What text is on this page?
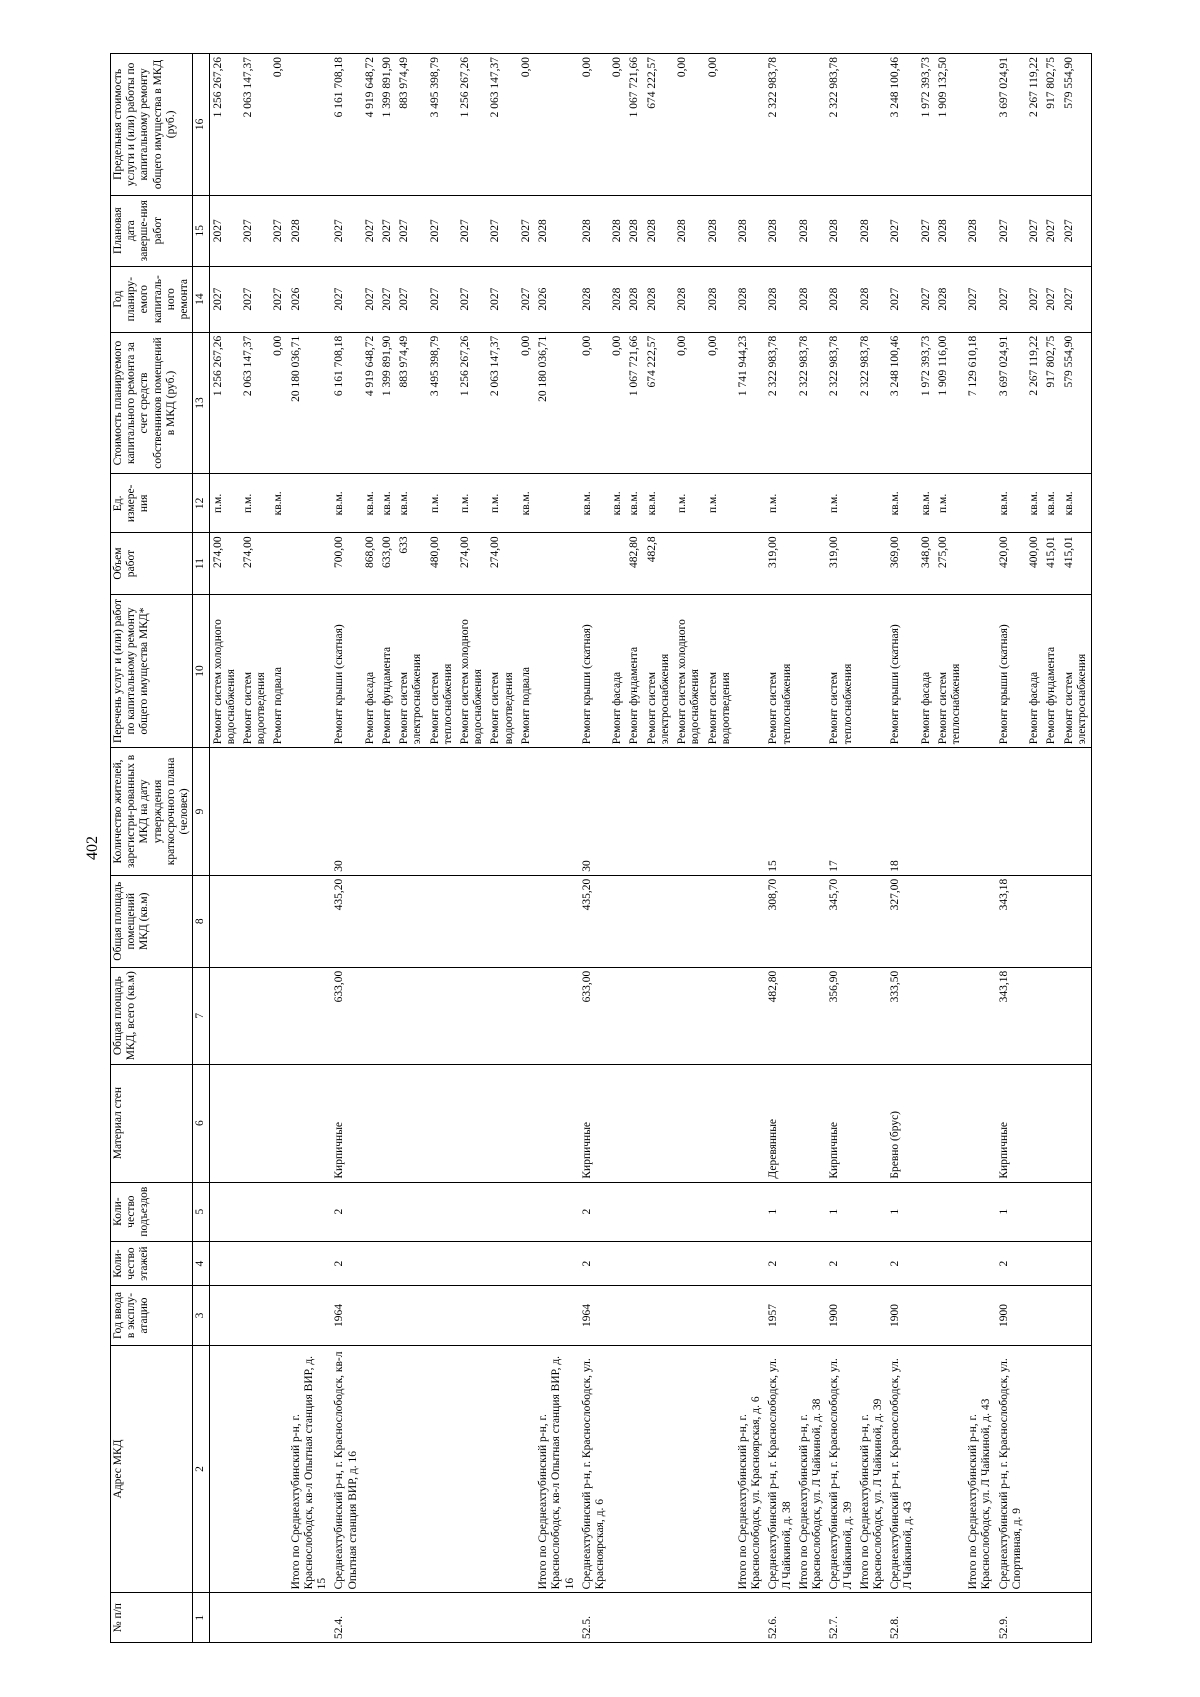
402
№ п/п	Адрес МКД	Год ввода в эксплу-атацию	Коли-чество этажей	Коли-чество подъездов	Материал стен	Общая площадь МКД, всего (кв.м)	Общая площадь помещений МКД (кв.м)	Количество жителей, зарегистри-рованных в МКД на дату утверждения краткосрочного плана (человек)	Перечень услуг и (или) работ по капитальному ремонту общего имущества МКД*	Объем работ	Ед. измере-ния	Стоимость планируемого капитального ремонта за счет средств собственников помещений в МКД (руб.)	Год планиру-емого капиталь-ного ремонта	Плановая дата заверше-ния работ	Предельная стоимость услуги и (или) работы по капитальному ремонту общего имущества в МКД (руб.)
1	2	3	4	5	6	7	8	9	10	11	12	13	14	15	16
									Ремонт систем холодного водоснабжения	274,00	п.м.	1 256 267,26	2027	2027	1 256 267,26
									Ремонт систем водоотведения	274,00	п.м.	2 063 147,37	2027	2027	2 063 147,37
									Ремонт подвала		кв.м.	0,00	2027	2027	0,00
	Итого по Среднеахтубинский р-н, г. Краснослободск, кв-л Опытная станция ВИР, д. 15											20 180 036,71	2026	2028	
52.4.	Среднеахтубинский р-н, г. Краснослободск, кв-л Опытная станция ВИР, д. 16	1964	2	2	Кирпичные	633,00	435,20	30	Ремонт крыши (скатная)	700,00	кв.м.	6 161 708,18	2027	2027	6 161 708,18
									Ремонт фасада	868,00	кв.м.	4 919 648,72	2027	2027	4 919 648,72
									Ремонт фундамента	633,00	кв.м.	1 399 891,90	2027	2027	1 399 891,90
									Ремонт систем электроснабжения	633	кв.м.	883 974,49	2027	2027	883 974,49
									Ремонт систем теплоснабжения	480,00	п.м.	3 495 398,79	2027	2027	3 495 398,79
									Ремонт систем холодного водоснабжения	274,00	п.м.	1 256 267,26	2027	2027	1 256 267,26
									Ремонт систем водоотведения	274,00	п.м.	2 063 147,37	2027	2027	2 063 147,37
									Ремонт подвала		кв.м.	0,00	2027	2027	0,00
	Итого по Среднеахтубинский р-н, г. Краснослободск, кв-л Опытная станция ВИР, д. 16											20 180 036,71	2026	2028	
52.5.	Среднеахтубинский р-н, г. Краснослободск, ул. Красноярская, д. 6	1964	2	2	Кирпичные	633,00	435,20	30	Ремонт крыши (скатная)		кв.м.	0,00	2028	2028	0,00
									Ремонт фасада		кв.м.	0,00	2028	2028	0,00
									Ремонт фундамента	482,80	кв.м.	1 067 721,66	2028	2028	1 067 721,66
									Ремонт систем электроснабжения	482,8	кв.м.	674 222,57	2028	2028	674 222,57
									Ремонт систем холодного водоснабжения		п.м.	0,00	2028	2028	0,00
									Ремонт систем водоотведения		п.м.	0,00	2028	2028	0,00
	Итого по Среднеахтубинский р-н, г. Краснослободск, ул. Красноярская, д. 6											1 741 944,23	2028	2028	
52.6.	Среднеахтубинский р-н, г. Краснослободск, ул. Л Чайкиной, д. 38	1957	2	1	Деревянные	482,80	308,70	15	Ремонт систем теплоснабжения	319,00	п.м.	2 322 983,78	2028	2028	2 322 983,78
	Итого по Среднеахтубинский р-н, г. Краснослободск, ул. Л Чайкиной, д. 38											2 322 983,78	2028	2028	
52.7.	Среднеахтубинский р-н, г. Краснослободск, ул. Л Чайкиной, д. 39	1900	2	1	Кирпичные	356,90	345,70	17	Ремонт систем теплоснабжения	319,00	п.м.	2 322 983,78	2028	2028	2 322 983,78
	Итого по Среднеахтубинский р-н, г. Краснослободск, ул. Л Чайкиной, д. 39											2 322 983,78	2028	2028	
52.8.	Среднеахтубинский р-н, г. Краснослободск, ул. Л Чайкиной, д. 43	1900	2	1	Бревно (брус)	333,50	327,00	18	Ремонт крыши (скатная)	369,00	кв.м.	3 248 100,46	2027	2027	3 248 100,46
									Ремонт фасада	348,00	кв.м.	1 972 393,73	2027	2027	1 972 393,73
									Ремонт систем теплоснабжения	275,00	п.м.	1 909 116,00	2028	2028	1 909 132,50
	Итого по Среднеахтубинский р-н, г. Краснослободск, ул. Л Чайкиной, д. 43											7 129 610,18	2027	2028	
52.9.	Среднеахтубинский р-н, г. Краснослободск, ул. Спортивная, д. 9	1900	2	1	Кирпичные	343,18	343,18		Ремонт крыши (скатная)	420,00	кв.м.	3 697 024,91	2027	2027	3 697 024,91
									Ремонт фасада	400,00	кв.м.	2 267 119,22	2027	2027	2 267 119,22
									Ремонт фундамента	415,01	кв.м.	917 802,75	2027	2027	917 802,75
									Ремонт систем электроснабжения	415,01	кв.м.	579 554,90	2027	2027	579 554,90
